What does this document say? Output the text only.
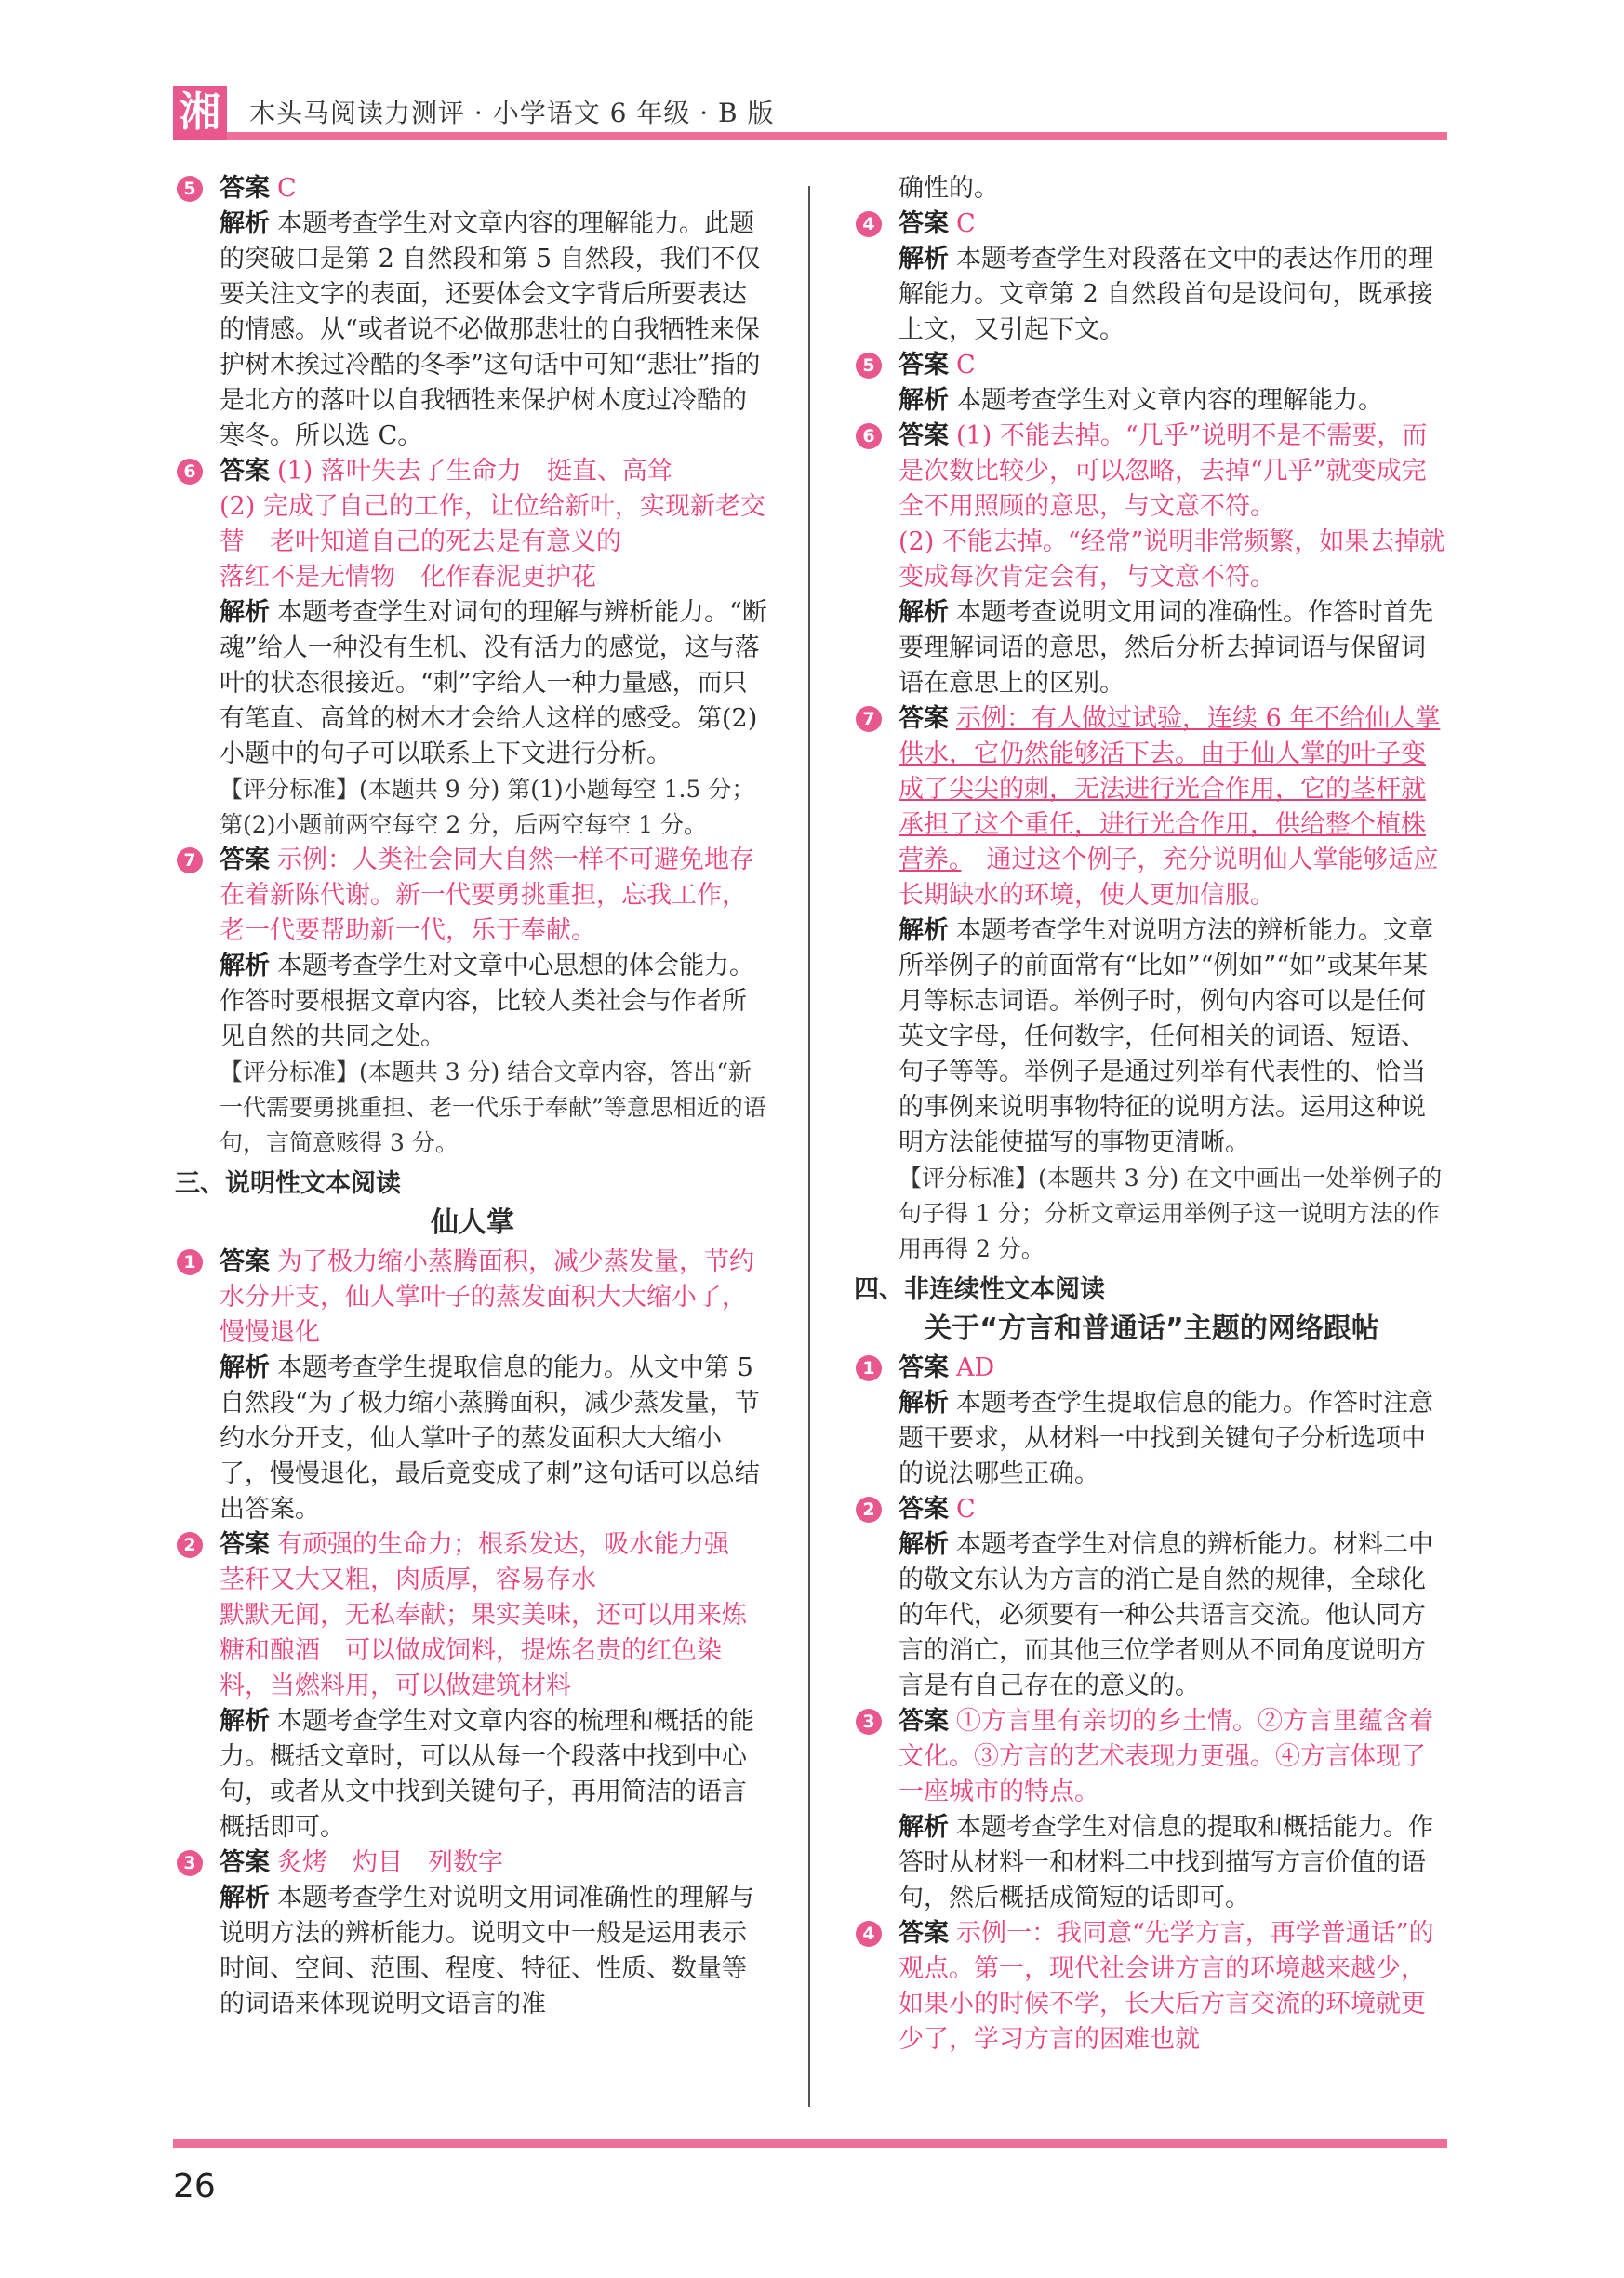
湘 木头马阅读力测评 · 小学语文 6 年级 · B 版
5 答案 C
解析 本题考查学生对文章内容的理解能力。此题的突破口是第 2 自然段和第 5 自然段，我们不仅要关注文字的表面，还要体会文字背后所要表达的情感。从“或者说不必做那悲壮的自我牺牲来保护树木挨过冷酷的冬季”这句话中可知“悲壮”指的是北方的落叶以自我牺牲来保护树木度过冷酷的寒冬。所以选 C。
6 答案 (1) 落叶失去了生命力　挺直、高耸
(2) 完成了自己的工作，让位给新叶，实现新老交替　老叶知道自己的死去是有意义的
落红不是无情物　化作春泥更护花
解析 本题考查学生对词句的理解与辨析能力。“断魂”给人一种没有生机、没有活力的感觉，这与落叶的状态很接近。“刺”字给人一种力量感，而只有笔直、高耸的树木才会给人这样的感受。第(2)小题中的句子可以联系上下文进行分析。
【评分标准】(本题共 9 分) 第(1)小题每空 1.5 分；第(2)小题前两空每空 2 分，后两空每空 1 分。
7 答案 示例：人类社会同大自然一样不可避免地存在着新陈代谢。新一代要勇挑重担，忘我工作，老一代要帮助新一代，乐于奉献。
解析 本题考查学生对文章中心思想的体会能力。作答时要根据文章内容，比较人类社会与作者所见自然的共同之处。
【评分标准】(本题共 3 分) 结合文章内容，答出“新一代需要勇挑重担、老一代乐于奉献”等意思相近的语句，言简意赅得 3 分。
三、说明性文本阅读
仙人掌
1 答案 为了极力缩小蒸腾面积，减少蒸发量，节约水分开支，仙人掌叶子的蒸发面积大大缩小了，慢慢退化
解析 本题考查学生提取信息的能力。从文中第 5 自然段“为了极力缩小蒸腾面积，减少蒸发量，节约水分开支，仙人掌叶子的蒸发面积大大缩小了，慢慢退化，最后竟变成了刺”这句话可以总结出答案。
2 答案 有顽强的生命力；根系发达，吸水能力强　茎秆又大又粗，肉质厚，容易存水
默默无闻，无私奉献；果实美味，还可以用来炼糖和酿酒　可以做成饲料，提炼名贵的红色染料，当燃料用，可以做建筑材料
解析 本题考查学生对文章内容的梳理和概括的能力。概括文章时，可以从每一个段落中找到中心句，或者从文中找到关键句子，再用简洁的语言概括即可。
3 答案 炙烤　灼目　列数字
解析 本题考查学生对说明文用词准确性的理解与说明方法的辨析能力。说明文中一般是运用表示时间、空间、范围、程度、特征、性质、数量等的词语来体现说明文语言的准
确性的。
4 答案 C
解析 本题考查学生对段落在文中的表达作用的理解能力。文章第 2 自然段首句是设问句，既承接上文，又引起下文。
5 答案 C
解析 本题考查学生对文章内容的理解能力。
6 答案 (1) 不能去掉。“几乎”说明不是不需要，而是次数比较少，可以忽略，去掉“几乎”就变成完全不用照顾的意思，与文意不符。
(2) 不能去掉。“经常”说明非常频繁，如果去掉就变成每次肯定会有，与文意不符。
解析 本题考查说明文用词的准确性。作答时首先要理解词语的意思，然后分析去掉词语与保留词语在意思上的区别。
7 答案 示例：有人做过试验，连续 6 年不给仙人掌供水，它仍然能够活下去。由于仙人掌的叶子变成了尖尖的刺，无法进行光合作用，它的茎杆就承担了这个重任，进行光合作用，供给整个植株营养。　通过这个例子，充分说明仙人掌能够适应长期缺水的环境，使人更加信服。
解析 本题考查学生对说明方法的辨析能力。文章所举例子的前面常有“比如”“例如”“如”或某年某月等标志词语。举例子时，例句内容可以是任何英文字母，任何数字，任何相关的词语、短语、句子等等。举例子是通过列举有代表性的、恰当的事例来说明事物特征的说明方法。运用这种说明方法能使描写的事物更清晰。
【评分标准】(本题共 3 分) 在文中画出一处举例子的句子得 1 分；分析文章运用举例子这一说明方法的作用再得 2 分。
四、非连续性文本阅读
关于“方言和普通话”主题的网络跟帖
1 答案 AD
解析 本题考查学生提取信息的能力。作答时注意题干要求，从材料一中找到关键句子分析选项中的说法哪些正确。
2 答案 C
解析 本题考查学生对信息的辨析能力。材料二中的敬文东认为方言的消亡是自然的规律，全球化的年代，必须要有一种公共语言交流。他认同方言的消亡，而其他三位学者则从不同角度说明方言是有自己存在的意义的。
3 答案 ①方言里有亲切的乡土情。②方言里蕴含着文化。③方言的艺术表现力更强。④方言体现了一座城市的特点。
解析 本题考查学生对信息的提取和概括能力。作答时从材料一和材料二中找到描写方言价值的语句，然后概括成简短的话即可。
4 答案 示例一：我同意“先学方言，再学普通话”的观点。第一，现代社会讲方言的环境越来越少，如果小的时候不学，长大后方言交流的环境就更少了，学习方言的困难也就
26
